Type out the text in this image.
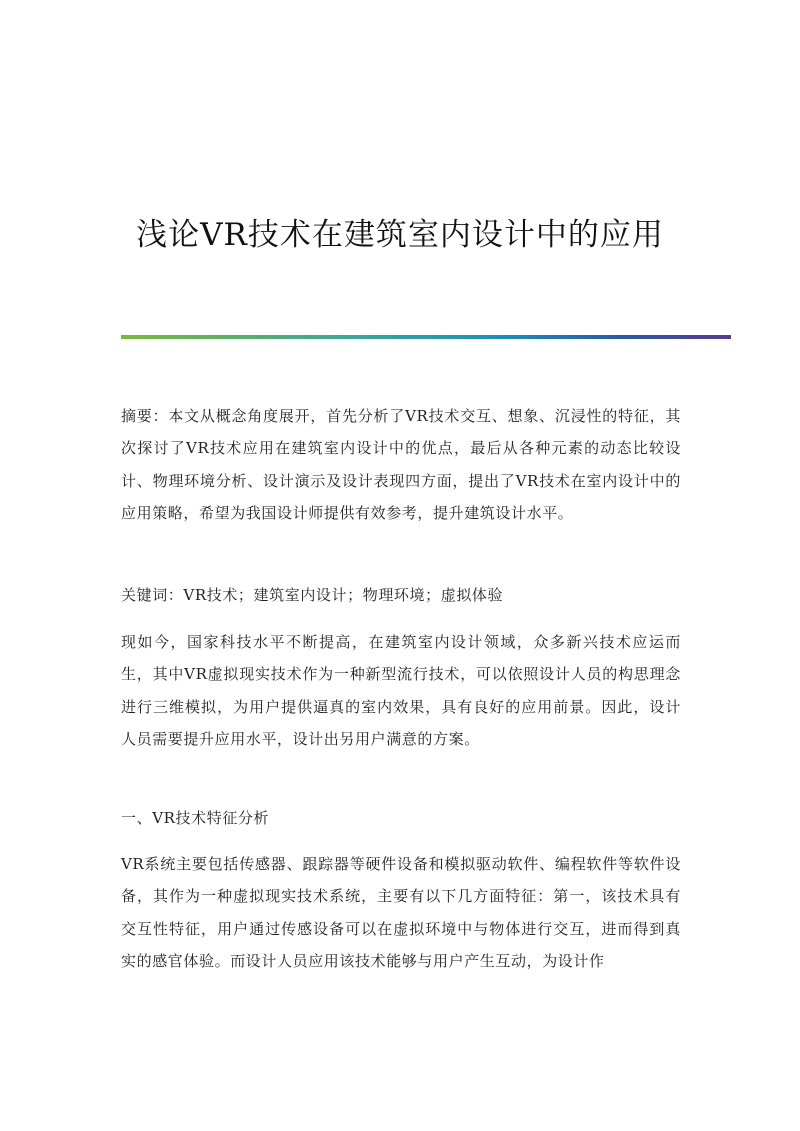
浅论VR技术在建筑室内设计中的应用

摘要：本文从概念角度展开，首先分析了VR技术交互、想象、沉浸性的特征，其次探讨了VR技术应用在建筑室内设计中的优点，最后从各种元素的动态比较设计、物理环境分析、设计演示及设计表现四方面，提出了VR技术在室内设计中的应用策略，希望为我国设计师提供有效参考，提升建筑设计水平。

关键词：VR技术；建筑室内设计；物理环境；虚拟体验

现如今，国家科技水平不断提高，在建筑室内设计领域，众多新兴技术应运而生，其中VR虚拟现实技术作为一种新型流行技术，可以依照设计人员的构思理念进行三维模拟，为用户提供逼真的室内效果，具有良好的应用前景。因此，设计人员需要提升应用水平，设计出另用户满意的方案。

一、VR技术特征分析

VR系统主要包括传感器、跟踪器等硬件设备和模拟驱动软件、编程软件等软件设备，其作为一种虚拟现实技术系统，主要有以下几方面特征：第一，该技术具有交互性特征，用户通过传感设备可以在虚拟环境中与物体进行交互，进而得到真实的感官体验。而设计人员应用该技术能够与用户产生互动，为设计作
